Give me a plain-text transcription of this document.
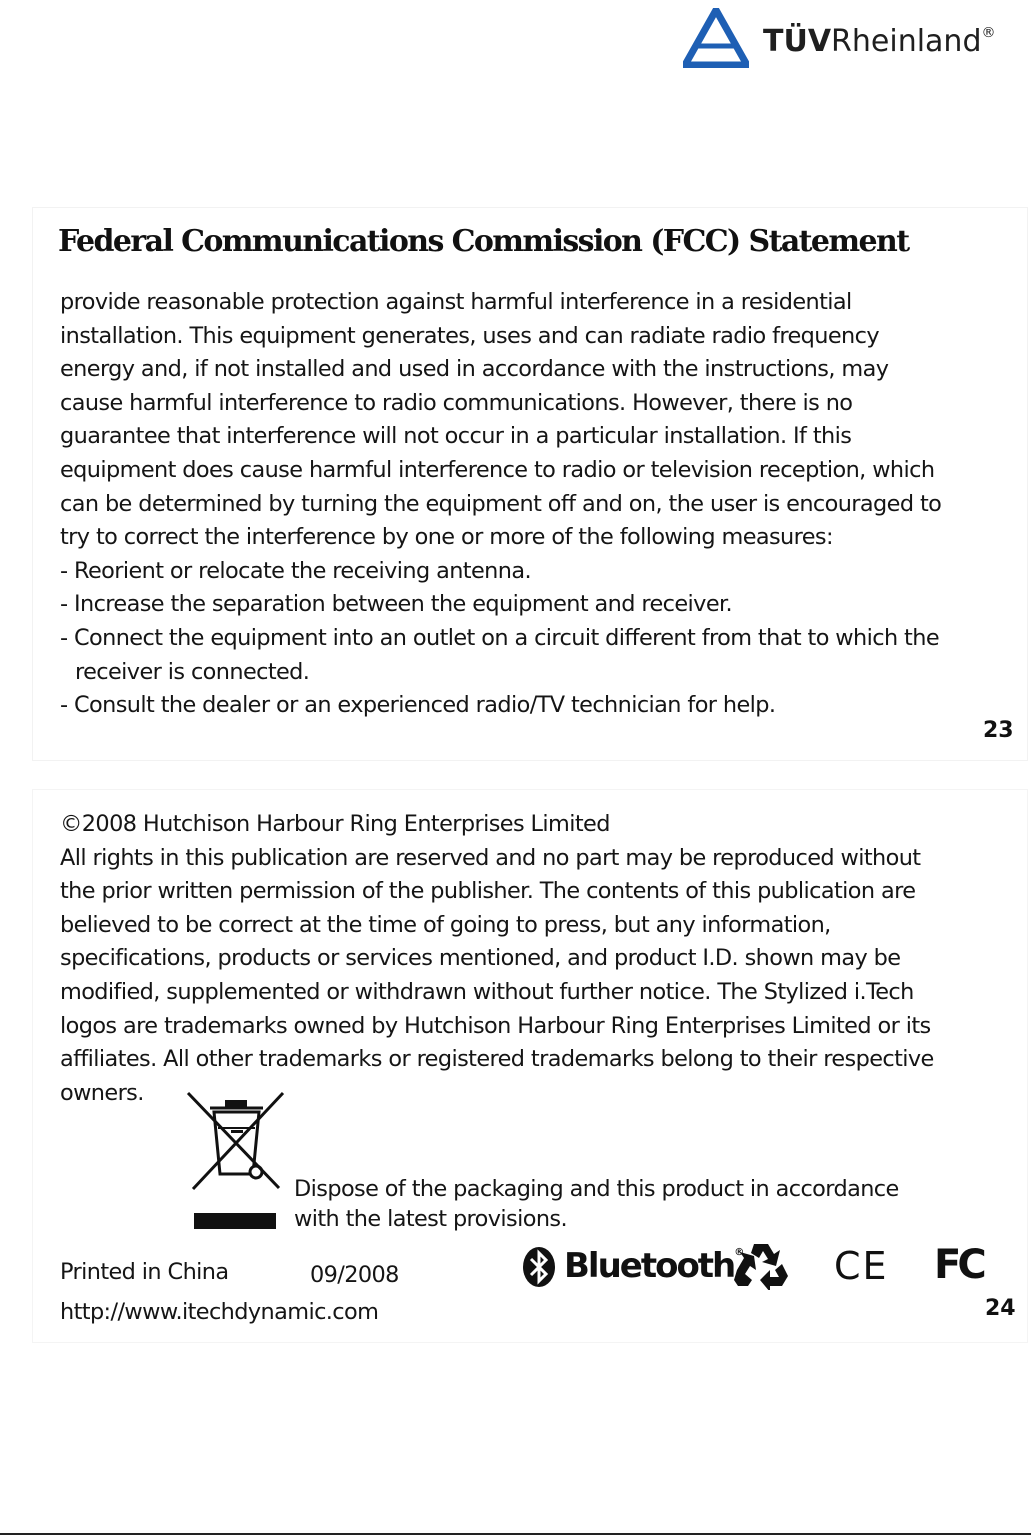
TÜVRheinland®
Federal Communications Commission (FCC) Statement
provide reasonable protection against harmful interference in a residential
installation. This equipment generates, uses and can radiate radio frequency
energy and, if not installed and used in accordance with the instructions, may
cause harmful interference to radio communications. However, there is no
guarantee that interference will not occur in a particular installation. If this
equipment does cause harmful interference to radio or television reception, which
can be determined by turning the equipment off and on, the user is encouraged to
try to correct the interference by one or more of the following measures:
- Reorient or relocate the receiving antenna.
- Increase the separation between the equipment and receiver.
- Connect the equipment into an outlet on a circuit different from that to which the
receiver is connected.
- Consult the dealer or an experienced radio/TV technician for help.
23
©2008 Hutchison Harbour Ring Enterprises Limited
All rights in this publication are reserved and no part may be reproduced without
the prior written permission of the publisher. The contents of this publication are
believed to be correct at the time of going to press, but any information,
specifications, products or services mentioned, and product I.D. shown may be
modified, supplemented or withdrawn without further notice. The Stylized i.Tech
logos are trademarks owned by Hutchison Harbour Ring Enterprises Limited or its
affiliates. All other trademarks or registered trademarks belong to their respective
owners.
Dispose of the packaging and this product in accordance
with the latest provisions.
Printed in China	09/2008
http://www.itechdynamic.com
Bluetooth® CE FC
24
